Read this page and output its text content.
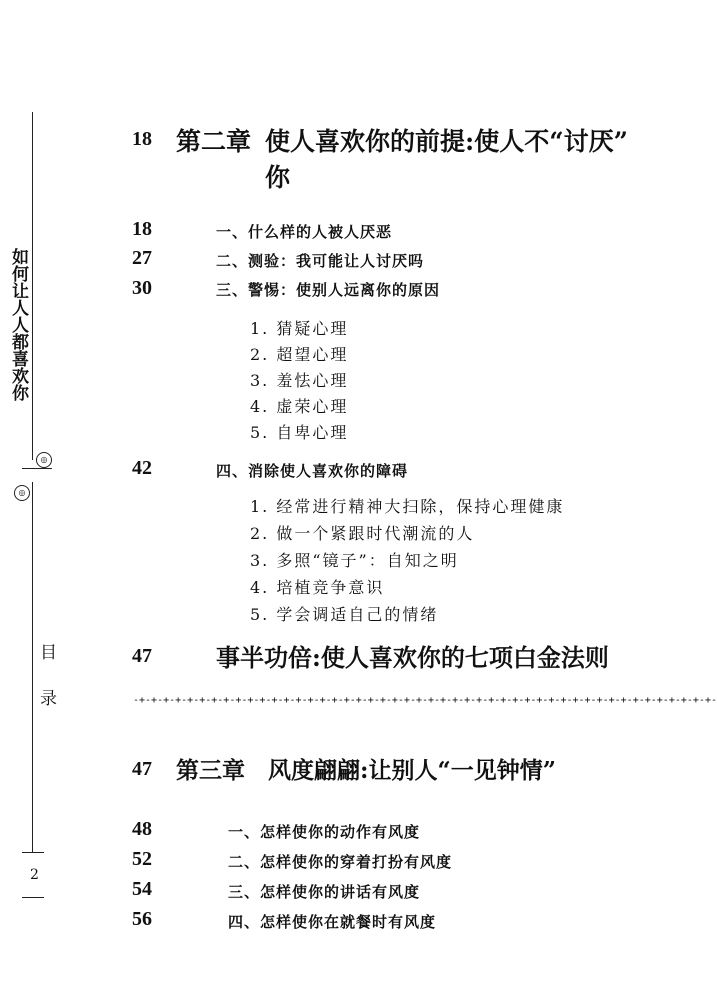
如何让人人都喜欢你
◎
◎
目
录
2
18 第二章 使人喜欢你的前提:使人不“讨厌”
你
18	一、什么样的人被人厌恶
27	二、测验：我可能让人讨厌吗
30	三、警惕：使别人远离你的原因
1. 猜疑心理
2. 超望心理
3. 羞怯心理
4. 虚荣心理
5. 自卑心理
42	四、消除使人喜欢你的障碍
1. 经常进行精神大扫除，保持心理健康
2. 做一个紧跟时代潮流的人
3. 多照“镜子”：自知之明
4. 培植竞争意识
5. 学会调适自己的情绪
47	事半功倍:使人喜欢你的七项白金法则
-+-+-+-+-+-+-+-+-+-+-+-+-+-+-+-+-+-+-+-+-+-+-+-+-+-+-+-+-+-+-+-+-+-+-+-+-+-+-+-+-+-+-+-+-+-+-+-+-
47 第三章 风度翩翩:让别人“一见钟情”
48	一、怎样使你的动作有风度
52	二、怎样使你的穿着打扮有风度
54	三、怎样使你的讲话有风度
56	四、怎样使你在就餐时有风度
